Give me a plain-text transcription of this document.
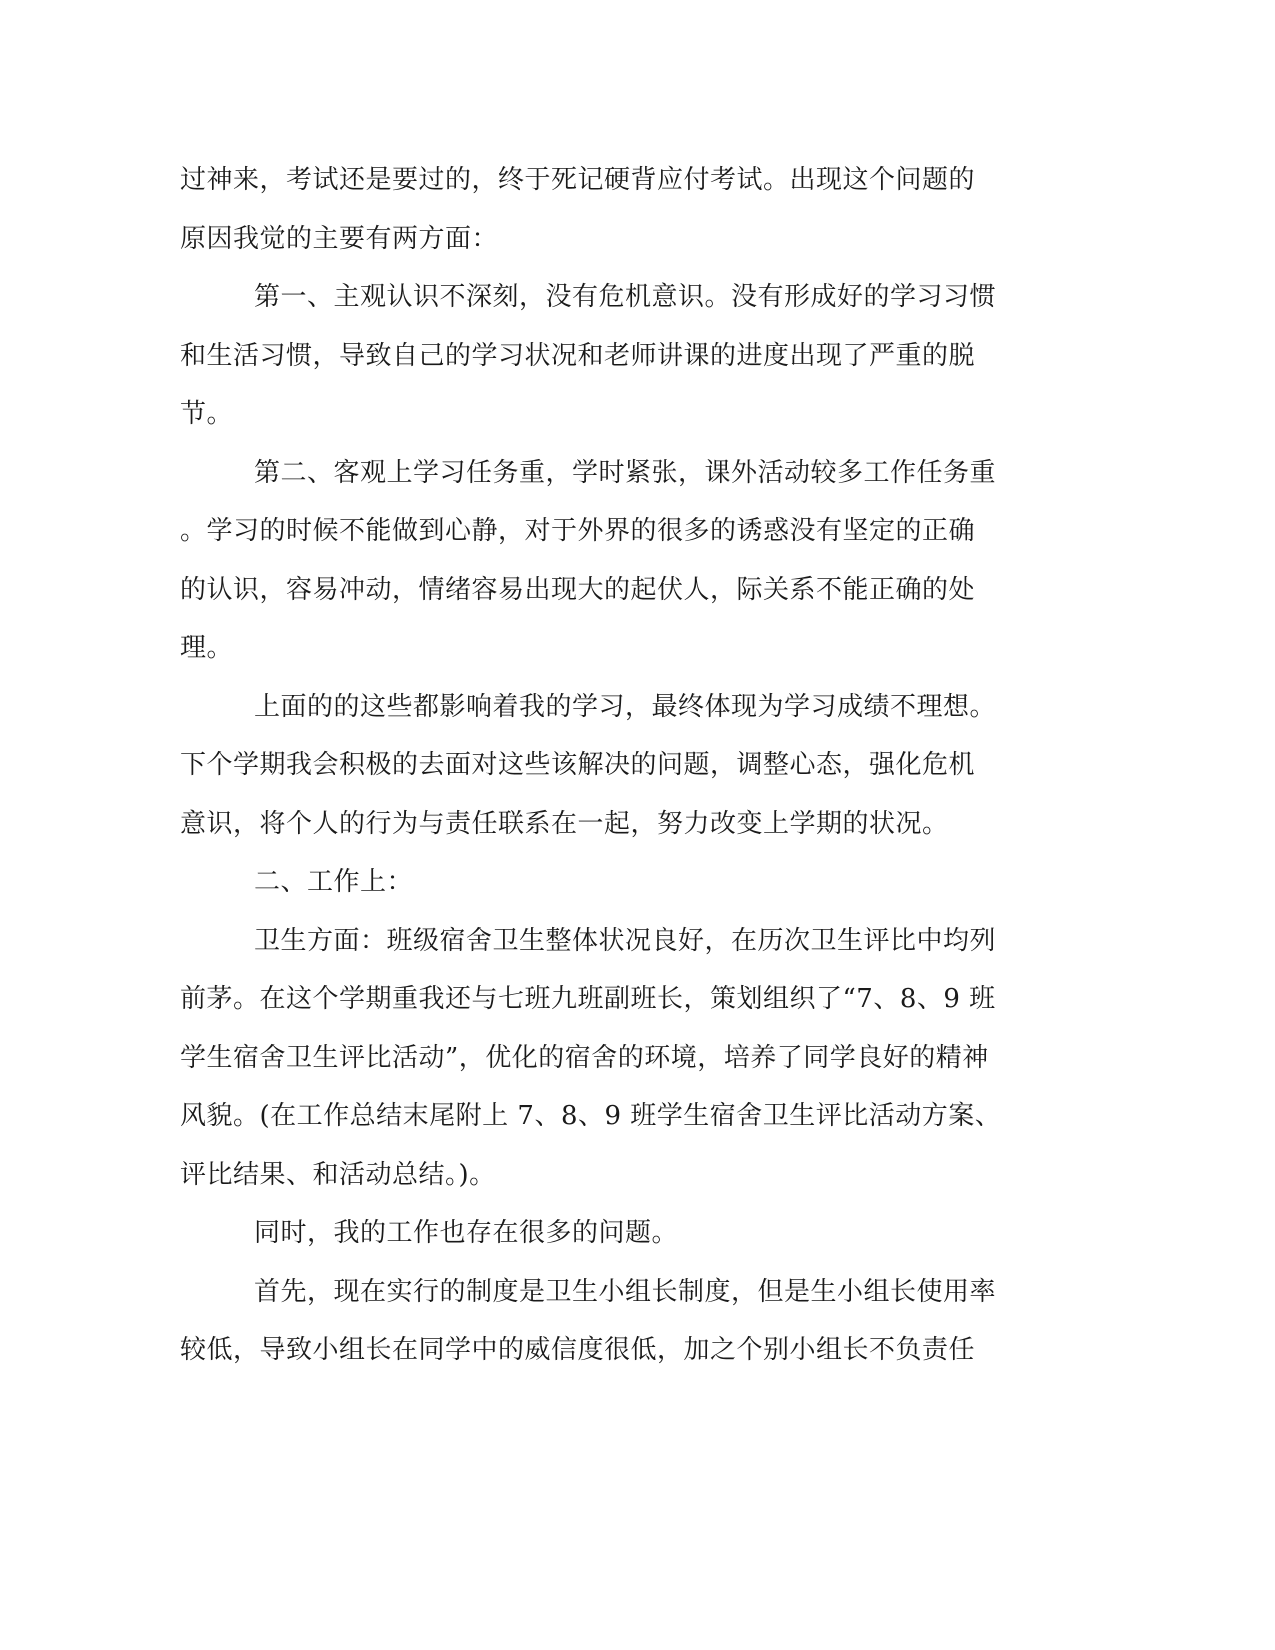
过神来，考试还是要过的，终于死记硬背应付考试。出现这个问题的
原因我觉的主要有两方面：
第一、主观认识不深刻，没有危机意识。没有形成好的学习习惯
和生活习惯，导致自己的学习状况和老师讲课的进度出现了严重的脱
节。
第二、客观上学习任务重，学时紧张，课外活动较多工作任务重
。学习的时候不能做到心静，对于外界的很多的诱惑没有坚定的正确
的认识，容易冲动，情绪容易出现大的起伏人，际关系不能正确的处
理。
上面的的这些都影响着我的学习，最终体现为学习成绩不理想。
下个学期我会积极的去面对这些该解决的问题，调整心态，强化危机
意识，将个人的行为与责任联系在一起，努力改变上学期的状况。
二、工作上：
卫生方面：班级宿舍卫生整体状况良好，在历次卫生评比中均列
前茅。在这个学期重我还与七班九班副班长，策划组织了“7、8、9 班
学生宿舍卫生评比活动”，优化的宿舍的环境，培养了同学良好的精神
风貌。(在工作总结末尾附上 7、8、9 班学生宿舍卫生评比活动方案、
评比结果、和活动总结。)。
同时，我的工作也存在很多的问题。
首先，现在实行的制度是卫生小组长制度，但是生小组长使用率
较低，导致小组长在同学中的威信度很低，加之个别小组长不负责任
